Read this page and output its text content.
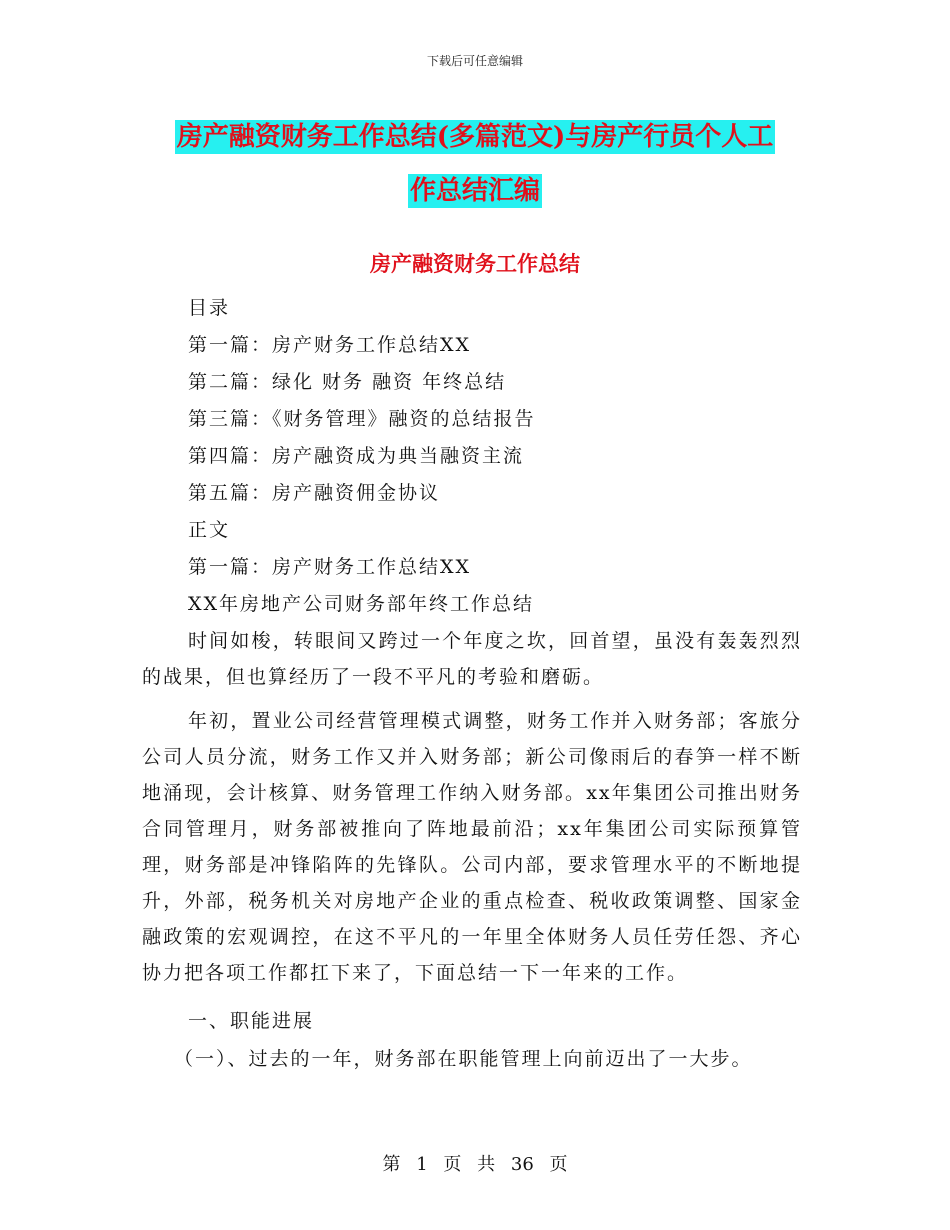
下载后可任意编辑
房产融资财务工作总结(多篇范文)与房产行员个人工
作总结汇编
房产融资财务工作总结

目录

第一篇：房产财务工作总结XX

第二篇：绿化 财务 融资 年终总结

第三篇：《财务管理》融资的总结报告

第四篇：房产融资成为典当融资主流

第五篇：房产融资佣金协议

正文

第一篇：房产财务工作总结XX

XX年房地产公司财务部年终工作总结

时间如梭，转眼间又跨过一个年度之坎，回首望，虽没有轰轰烈烈的战果，但也算经历了一段不平凡的考验和磨砺。

年初，置业公司经营管理模式调整，财务工作并入财务部；客旅分公司人员分流，财务工作又并入财务部；新公司像雨后的春笋一样不断地涌现，会计核算、财务管理工作纳入财务部。xx年集团公司推出财务合同管理月，财务部被推向了阵地最前沿；xx年集团公司实际预算管理，财务部是冲锋陷阵的先锋队。公司内部，要求管理水平的不断地提升，外部，税务机关对房地产企业的重点检查、税收政策调整、国家金融政策的宏观调控，在这不平凡的一年里全体财务人员任劳任怨、齐心协力把各项工作都扛下来了，下面总结一下一年来的工作。

一、职能进展

（一）、过去的一年，财务部在职能管理上向前迈出了一大步。

第 1 页 共 36 页
